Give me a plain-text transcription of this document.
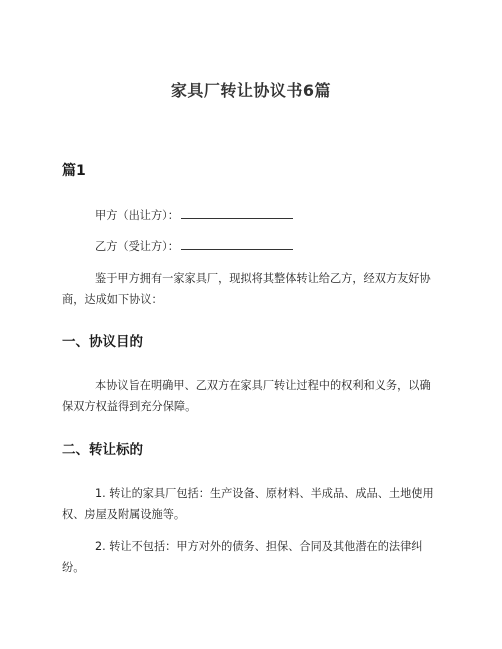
家具厂转让协议书6篇
篇1

甲方（出让方）：

乙方（受让方）：

鉴于甲方拥有一家家具厂，现拟将其整体转让给乙方，经双方友好协商，达成如下协议：

一、协议目的

本协议旨在明确甲、乙双方在家具厂转让过程中的权利和义务，以确保双方权益得到充分保障。

二、转让标的

1. 转让的家具厂包括：生产设备、原材料、半成品、成品、土地使用权、房屋及附属设施等。

2. 转让不包括：甲方对外的债务、担保、合同及其他潜在的法律纠纷。
